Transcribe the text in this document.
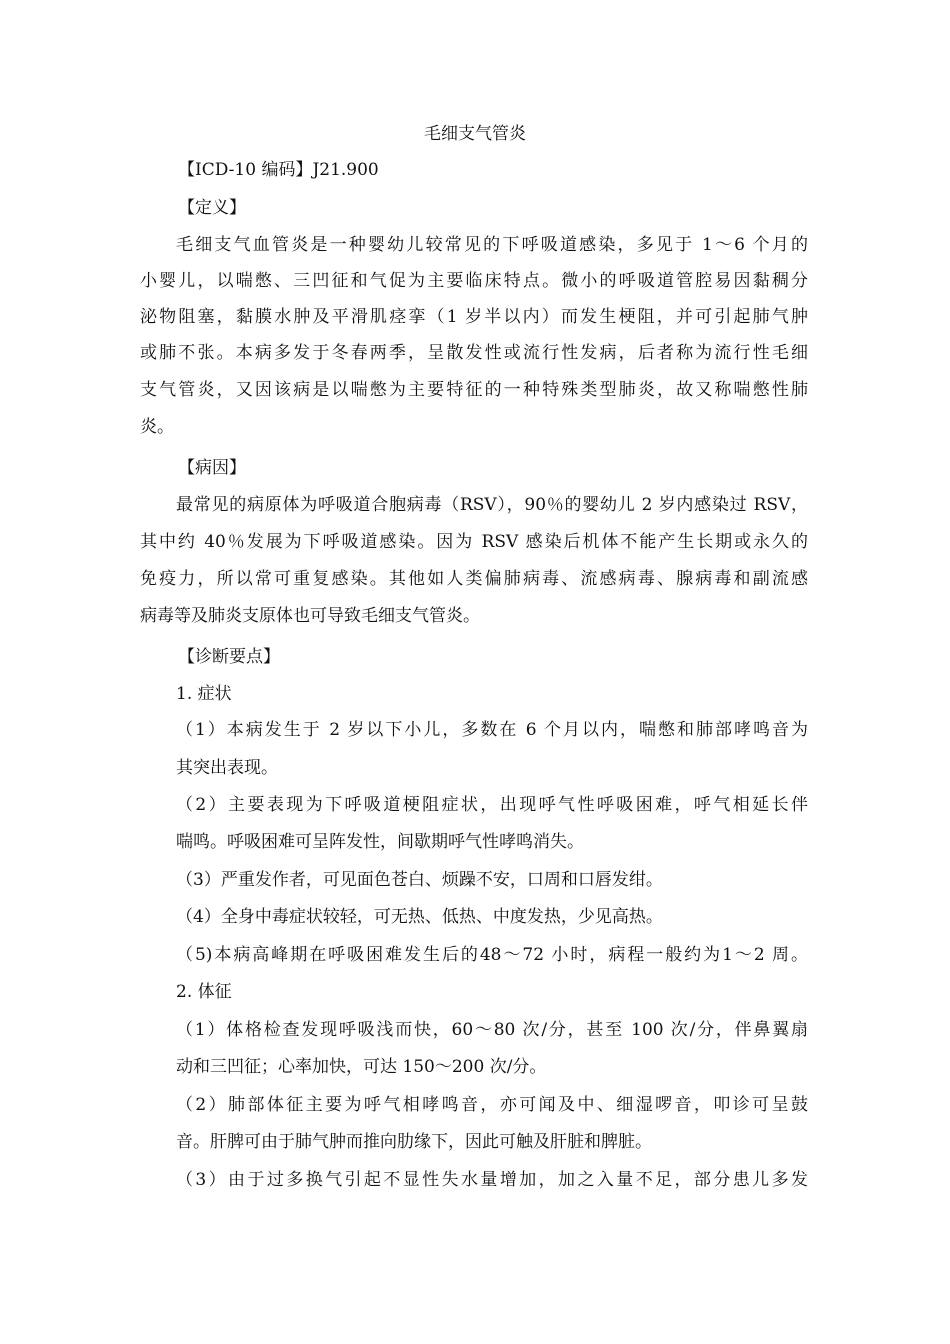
毛细支气管炎
【ICD-10 编码】J21.900
【定义】
毛细支气血管炎是一种婴幼儿较常见的下呼吸道感染，多见于 1～6 个月的
小婴儿，以喘憋、三凹征和气促为主要临床特点。微小的呼吸道管腔易因黏稠分
泌物阻塞，黏膜水肿及平滑肌痉挛（1 岁半以内）而发生梗阻，并可引起肺气肿
或肺不张。本病多发于冬春两季，呈散发性或流行性发病，后者称为流行性毛细
支气管炎，又因该病是以喘憋为主要特征的一种特殊类型肺炎，故又称喘憋性肺
炎。
【病因】
最常见的病原体为呼吸道合胞病毒（RSV），90％的婴幼儿 2 岁内感染过 RSV，
其中约 40％发展为下呼吸道感染。因为 RSV 感染后机体不能产生长期或永久的
免疫力，所以常可重复感染。其他如人类偏肺病毒、流感病毒、腺病毒和副流感
病毒等及肺炎支原体也可导致毛细支气管炎。
【诊断要点】
1. 症状
（1）本病发生于 2 岁以下小儿，多数在 6 个月以内，喘憋和肺部哮鸣音为
其突出表现。
（2）主要表现为下呼吸道梗阻症状，出现呼气性呼吸困难，呼气相延长伴
喘鸣。呼吸困难可呈阵发性，间歇期呼气性哮鸣消失。
（3）严重发作者，可见面色苍白、烦躁不安，口周和口唇发绀。
（4）全身中毒症状较轻，可无热、低热、中度发热，少见高热。
（5)本病高峰期在呼吸困难发生后的48～72 小时，病程一般约为1～2 周。
2. 体征
（1）体格检查发现呼吸浅而快，60～80 次/分，甚至 100 次/分，伴鼻翼扇
动和三凹征；心率加快，可达 150～200 次/分。
（2）肺部体征主要为呼气相哮鸣音，亦可闻及中、细湿啰音，叩诊可呈鼓
音。肝脾可由于肺气肿而推向肋缘下，因此可触及肝脏和脾脏。
（3）由于过多换气引起不显性失水量增加，加之入量不足，部分患儿多发
